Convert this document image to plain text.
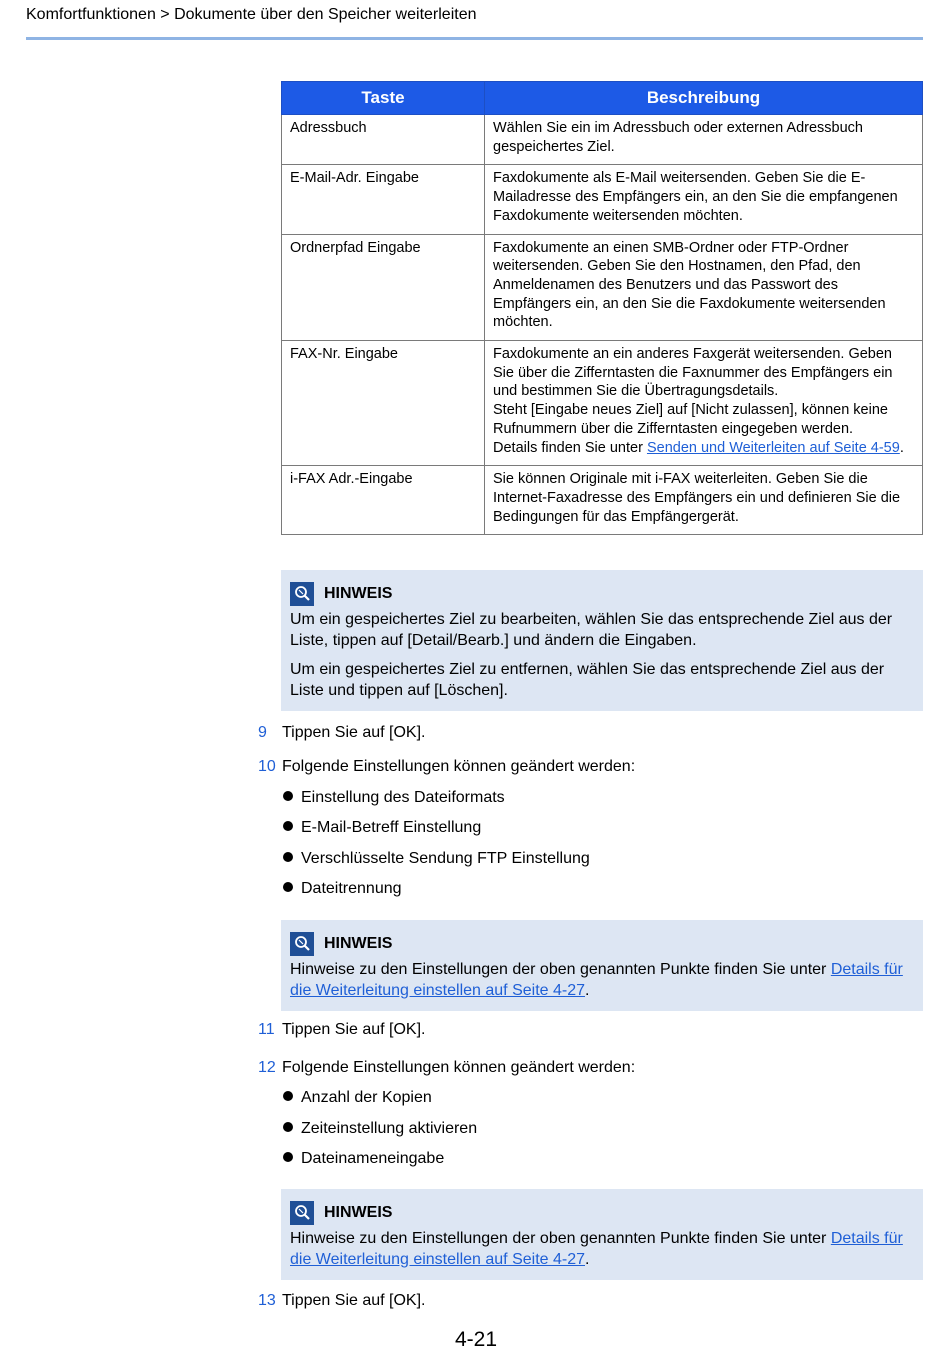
Komfortfunktionen > Dokumente über den Speicher weiterleiten
Taste	Beschreibung
Adressbuch	Wählen Sie ein im Adressbuch oder externen Adressbuch gespeichertes Ziel.
E-Mail-Adr. Eingabe	Faxdokumente als E-Mail weitersenden. Geben Sie die E-Mailadresse des Empfängers ein, an den Sie die empfangenen Faxdokumente weitersenden möchten.
Ordnerpfad Eingabe	Faxdokumente an einen SMB-Ordner oder FTP-Ordner weitersenden. Geben Sie den Hostnamen, den Pfad, den Anmeldenamen des Benutzers und das Passwort des Empfängers ein, an den Sie die Faxdokumente weitersenden möchten.
FAX-Nr. Eingabe	Faxdokumente an ein anderes Faxgerät weitersenden. Geben Sie über die Zifferntasten die Faxnummer des Empfängers ein und bestimmen Sie die Übertragungsdetails.
Steht [Eingabe neues Ziel] auf [Nicht zulassen], können keine Rufnummern über die Zifferntasten eingegeben werden.
Details finden Sie unter Senden und Weiterleiten auf Seite 4-59.
i-FAX Adr.-Eingabe	Sie können Originale mit i-FAX weiterleiten. Geben Sie die Internet-Faxadresse des Empfängers ein und definieren Sie die Bedingungen für das Empfängergerät.
HINWEIS

Um ein gespeichertes Ziel zu bearbeiten, wählen Sie das entsprechende Ziel aus der Liste, tippen auf [Detail/Bearb.] und ändern die Eingaben.

Um ein gespeichertes Ziel zu entfernen, wählen Sie das entsprechende Ziel aus der Liste und tippen auf [Löschen].

9 Tippen Sie auf [OK].
10 Folgende Einstellungen können geändert werden:
Einstellung des Dateiformats
E-Mail-Betreff Einstellung
Verschlüsselte Sendung FTP Einstellung
Dateitrennung
HINWEIS

Hinweise zu den Einstellungen der oben genannten Punkte finden Sie unter Details für die Weiterleitung einstellen auf Seite 4-27.

11 Tippen Sie auf [OK].
12 Folgende Einstellungen können geändert werden:
Anzahl der Kopien
Zeiteinstellung aktivieren
Dateinameneingabe
HINWEIS

Hinweise zu den Einstellungen der oben genannten Punkte finden Sie unter Details für die Weiterleitung einstellen auf Seite 4-27.

13 Tippen Sie auf [OK].
4-21
